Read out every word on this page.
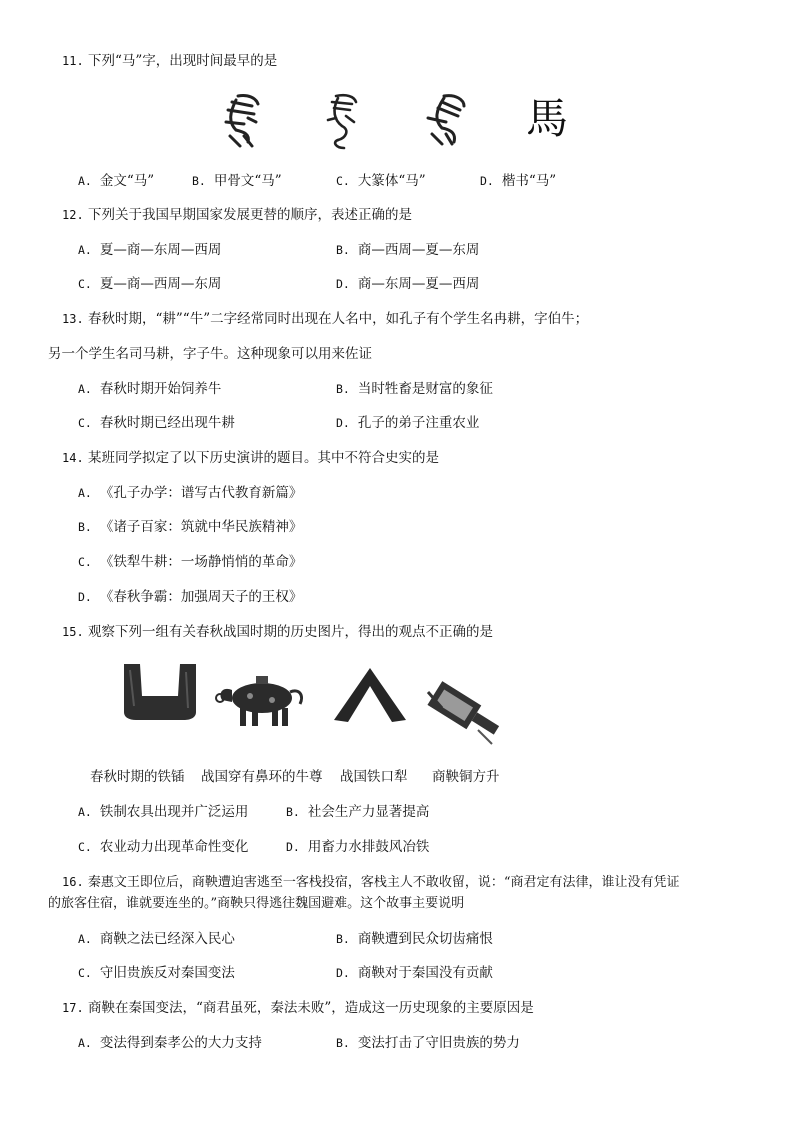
11. 下列“马”字，出现时间最早的是
馬
A. 金文“马”	B. 甲骨文“马”	C. 大篆体“马”	D. 楷书“马”
12. 下列关于我国早期国家发展更替的顺序，表述正确的是
A. 夏—商—东周—西周	B. 商—西周—夏—东周
C. 夏—商—西周—东周	D. 商—东周—夏—西周
13. 春秋时期，“耕”“牛”二字经常同时出现在人名中，如孔子有个学生名冉耕，字伯牛；
另一个学生名司马耕，字子牛。这种现象可以用来佐证
A. 春秋时期开始饲养牛	B. 当时牲畜是财富的象征
C. 春秋时期已经出现牛耕	D. 孔子的弟子注重农业
14. 某班同学拟定了以下历史演讲的题目。其中不符合史实的是
A. 《孔子办学：谱写古代教育新篇》
B. 《诸子百家：筑就中华民族精神》
C. 《铁犁牛耕：一场静悄悄的革命》
D. 《春秋争霸：加强周天子的王权》
15. 观察下列一组有关春秋战国时期的历史图片，得出的观点不正确的是
春秋时期的铁锸 战国穿有鼻环的牛尊 战国铁口犁 商鞅铜方升
A. 铁制农具出现并广泛运用	B. 社会生产力显著提高
C. 农业动力出现革命性变化	D. 用畜力水排鼓风冶铁
16. 秦惠文王即位后，商鞅遭迫害逃至一客栈投宿，客栈主人不敢收留，说：“商君定有法律，谁让没有凭证
的旅客住宿，谁就要连坐的。”商鞅只得逃往魏国避难。这个故事主要说明
A. 商鞅之法已经深入民心	B. 商鞅遭到民众切齿痛恨
C. 守旧贵族反对秦国变法	D. 商鞅对于秦国没有贡献
17. 商鞅在秦国变法，“商君虽死，秦法未败”，造成这一历史现象的主要原因是
A. 变法得到秦孝公的大力支持	B. 变法打击了守旧贵族的势力
